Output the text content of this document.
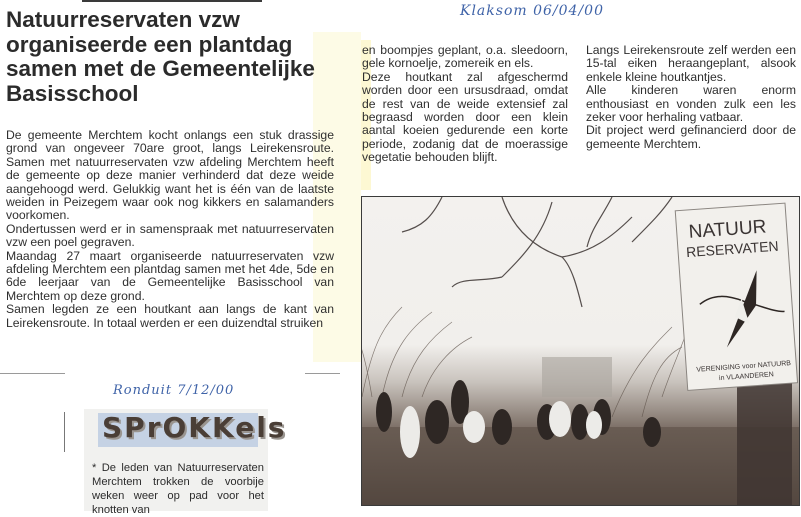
Natuurreservaten vzw organiseerde een plantdag samen met de Gemeentelijke Basisschool

De gemeente Merchtem kocht onlangs een stuk drassige grond van ongeveer 70are groot, langs Leirekensroute. Samen met natuurreservaten vzw afdeling Merchtem heeft de gemeente op deze manier verhinderd dat deze weide aangehoogd werd. Gelukkig want het is één van de laatste weiden in Peizegem waar ook nog kikkers en salamanders voorkomen.

Ondertussen werd er in samenspraak met natuurreservaten vzw een poel gegraven.

Maandag 27 maart organiseerde natuurreservaten vzw afdeling Merchtem een plantdag samen met het 4de, 5de en 6de leerjaar van de Gemeentelijke Basisschool van Merchtem op deze grond.

Samen legden ze een houtkant aan langs de kant van Leirekensroute. In totaal werden er een duizendtal struiken

Klaksom 06/04/00

en boompjes geplant, o.a. sleedoorn, gele kornoelje, zomereik en els.

Deze houtkant zal afgeschermd worden door een ursusdraad, omdat de rest van de weide extensief zal begraasd worden door een klein aantal koeien gedurende een korte periode, zodanig dat de moerassige vegetatie behouden blijft.

Langs Leirekensroute zelf werden een 15-tal eiken heraangeplant, alsook enkele kleine houtkantjes.

Alle kinderen waren enorm enthousiast en vonden zulk een les zeker voor herhaling vatbaar.

Dit project werd gefinancierd door de gemeente Merchtem.

NATUUR
RESERVATEN
VERENIGING voor NATUURB
in VLAANDEREN
Ronduit 7/12/00
SPrOKKels

* De leden van Natuurreservaten Merchtem trokken de voorbije weken weer op pad voor het knotten van
